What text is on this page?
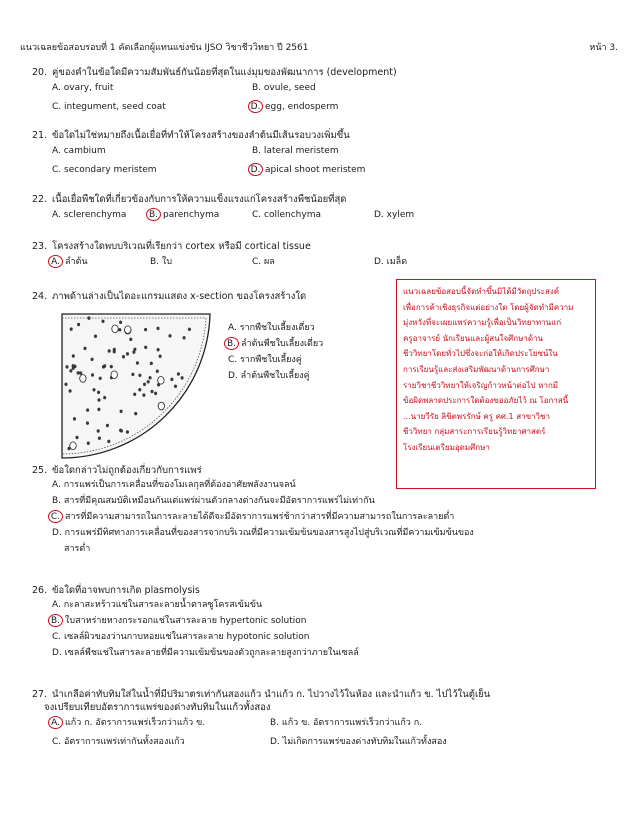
แนวเฉลยข้อสอบรอบที่ 1 คัดเลือกผู้แทนแข่งขัน IJSO วิชาชีววิทยา ปี 2561	หน้า 3.
20. คู่ของคำในข้อใดมีความสัมพันธ์กันน้อยที่สุดในแง่มุมของพัฒนาการ (development)
A. ovary, fruit	B. ovule, seed
C. integument, seed coat	D. egg, endosperm
21. ข้อใดไม่ใช่หมายถึงเนื้อเยื่อที่ทำให้โครงสร้างของลำต้นมีเส้นรอบวงเพิ่มขึ้น
A. cambium	B. lateral meristem
C. secondary meristem	D. apical shoot meristem
22. เนื้อเยื่อพืชใดที่เกี่ยวข้องกับการให้ความแข็งแรงแก่โครงสร้างพืชน้อยที่สุด
A. sclerenchyma	B. parenchyma	C. collenchyma	D. xylem
23. โครงสร้างใดพบบริเวณที่เรียกว่า cortex หรือมี cortical tissue
A. ลำต้น	B. ใบ	C. ผล	D. เมล็ด
24. ภาพด้านล่างเป็นไดอะแกรมแสดง x-section ของโครงสร้างใด
A. รากพืชใบเลี้ยงเดี่ยว
B. ลำต้นพืชใบเลี้ยงเดี่ยว
C. รากพืชใบเลี้ยงคู่
D. ลำต้นพืชใบเลี้ยงคู่
25. ข้อใดกล่าวไม่ถูกต้องเกี่ยวกับการแพร่
A. การแพร่เป็นการเคลื่อนที่ของโมเลกุลที่ต้องอาศัยพลังงานจลน์
B. สารที่มีคุณสมบัติเหมือนกันแต่แพร่ผ่านตัวกลางต่างกันจะมีอัตราการแพร่ไม่เท่ากัน
C. สารที่มีความสามารถในการละลายได้ดีจะมีอัตราการแพร่ช้ากว่าสารที่มีความสามารถในการละลายต่ำ
D. การแพร่มีทิศทางการเคลื่อนที่ของสารจากบริเวณที่มีความเข้มข้นของสารสูงไปสู่บริเวณที่มีความเข้มข้นของ
สารต่ำ
26. ข้อใดที่อาจพบการเกิด plasmolysis
A. กะลาสะหร้าวแช่ในสารละลายน้ำตาลซูโครสเข้มข้น
B. ใบสาหร่ายหางกระรอกแช่ในสารละลาย hypertonic solution
C. เซลล์ผิวของว่านกาบหอยแช่ในสารละลาย hypotonic solution
D. เซลล์พืชแช่ในสารละลายที่มีความเข้มข้นของตัวถูกละลายสูงกว่าภายในเซลล์
27. นำเกลือค่าทับทิมใส่ในน้ำที่มีปริมาตรเท่ากันสองแก้ว นำแก้ว ก. ไปวางไว้ในห้อง และนำแก้ว ข. ไปไว้ในตู้เย็น
จงเปรียบเทียบอัตราการแพร่ของด่างทับทิมในแก้วทั้งสอง
A. แก้ว ก. อัตราการแพร่เร็วกว่าแก้ว ข.	B. แก้ว ข. อัตราการแพร่เร็วกว่าแก้ว ก.
C. อัตราการแพร่เท่ากันทั้งสองแก้ว	D. ไม่เกิดการแพร่ของด่างทับทิมในแก้วทั้งสอง

แนวเฉลยข้อสอบนี้จัดทำขึ้นมิได้มีวัตถุประสงค์

เพื่อการค้าเชิงธุรกิจแต่อย่างใด โดยผู้จัดทำมีความ

มุ่งหวังที่จะเผยแพร่ความรู้เพื่อเป็นวิทยาทานแก่

ครูอาจารย์ นักเรียนและผู้สนใจศึกษาด้าน

ชีววิทยาโดยทั่วไปซึ่งจะก่อให้เกิดประโยชน์ใน

การเรียนรู้และส่งเสริมพัฒนาด้านการศึกษา

รายวิชาชีววิทยาให้เจริญก้าวหน้าต่อไป หากมี

ข้อผิดพลาดประการใดต้องขออภัยไว้ ณ โอกาสนี้

...นายวีรัย ลิขิตพรรักษ์ ครู คศ.1 สาขาวิชา

ชีววิทยา กลุ่มสาระการเรียนรู้วิทยาศาสตร์

โรงเรียนเตรียมอุดมศึกษา
